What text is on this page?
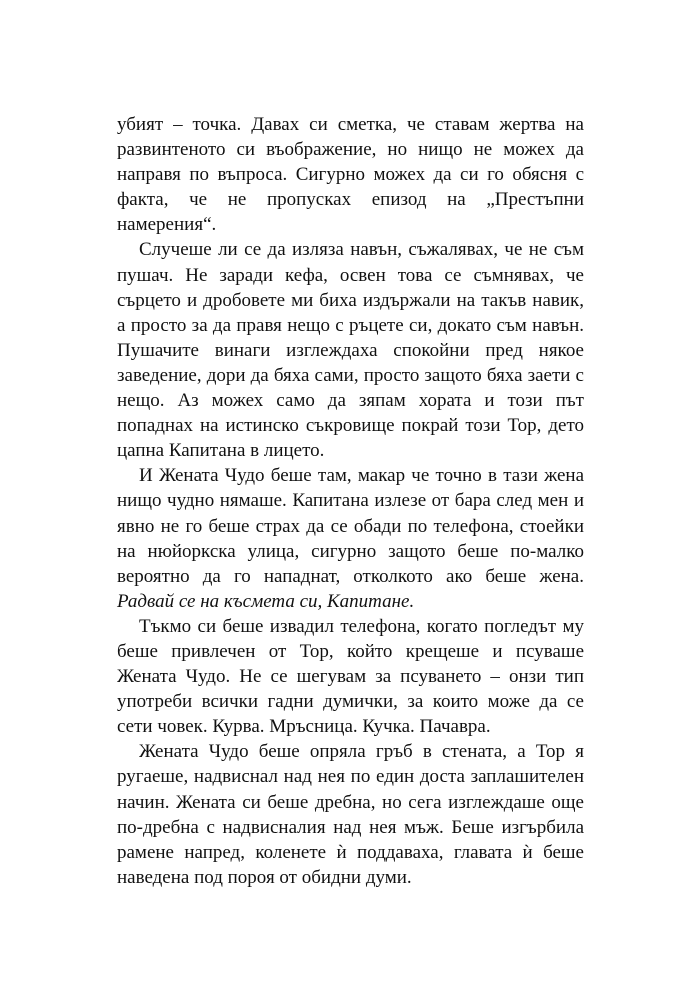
убият – точка. Давах си сметка, че ставам жертва на развинтеното си въображение, но нищо не можех да направя по въпроса. Сигурно можех да си го обясня с факта, че не пропусках епизод на „Престъпни намерения“.

Случеше ли се да изляза навън, съжалявах, че не съм пушач. Не заради кефа, освен това се съмнявах, че сърцето и дробовете ми биха издържали на такъв навик, а просто за да правя нещо с ръцете си, докато съм навън. Пушачите винаги изглеждаха спокойни пред някое заведение, дори да бяха сами, просто защото бяха заети с нещо. Аз можех само да зяпам хората и този път попаднах на истинско съкровище покрай този Тор, дето цапна Капитана в лицето.

И Жената Чудо беше там, макар че точно в тази жена нищо чудно нямаше. Капитана излезе от бара след мен и явно не го беше страх да се обади по телефона, стоейки на нюйоркска улица, сигурно защото беше по-малко вероятно да го нападнат, отколкото ако беше жена. Радвай се на късмета си, Капитане.

Тъкмо си беше извадил телефона, когато погледът му беше привлечен от Тор, който крещеше и псуваше Жената Чудо. Не се шегувам за псуването – онзи тип употреби всички гадни думички, за които може да се сети човек. Курва. Мръсница. Кучка. Пачавра.

Жената Чудо беше опряла гръб в стената, а Тор я ругаеше, надвиснал над нея по един доста заплашителен начин. Жената си беше дребна, но сега изглеждаше още по-дребна с надвисналия над нея мъж. Беше изгърбила рамене напред, коленете ѝ поддаваха, главата ѝ беше наведена под пороя от обидни думи.
